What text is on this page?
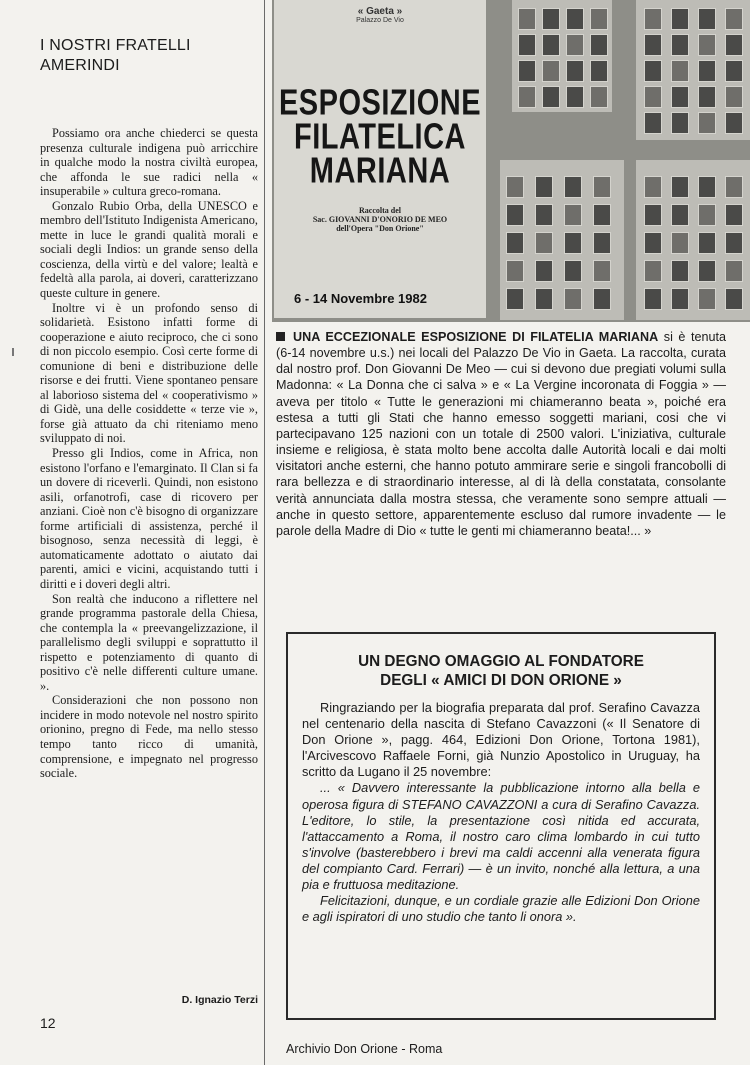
I NOSTRI FRATELLI
AMERINDI

Possiamo ora anche chiederci se questa presenza culturale indigena può arricchire in qualche modo la nostra civiltà europea, che affonda le sue radici nella « insuperabile » cultura greco-romana.

Gonzalo Rubio Orba, della UNESCO e membro dell'Istituto Indigenista Americano, mette in luce le grandi qualità morali e sociali degli Indios: un grande senso della coscienza, della virtù e del valore; lealtà e fedeltà alla parola, ai doveri, caratterizzano queste culture in genere.

Inoltre vi è un profondo senso di solidarietà. Esistono infatti forme di cooperazione e aiuto reciproco, che ci sono di non piccolo esempio. Così certe forme di comunione di beni e distribuzione delle risorse e dei frutti. Viene spontaneo pensare al laborioso sistema del « cooperativismo » di Gidè, una delle cosiddette « terze vie », forse già attuato da chi riteniamo meno sviluppato di noi.

Presso gli Indios, come in Africa, non esistono l'orfano e l'emarginato. Il Clan si fa un dovere di riceverli. Quindi, non esistono asili, orfanotrofi, case di ricovero per anziani. Cioè non c'è bisogno di organizzare forme artificiali di assistenza, perché il bisognoso, senza necessità di leggi, è automaticamente adottato o aiutato dai parenti, amici e vicini, acquistando tutti i diritti e i doveri degli altri.

Son realtà che inducono a riflettere nel grande programma pastorale della Chiesa, che contempla la « preevangelizzazione, il parallelismo degli sviluppi e soprattutto il rispetto e potenziamento di quanto di positivo c'è nelle differenti culture umane. ».

Considerazioni che non possono non incidere in modo notevole nel nostro spirito orionino, pregno di Fede, ma nello stesso tempo tanto ricco di umanità, comprensione, e impegnato nel progresso sociale.

D. Ignazio Terzi
12
« Gaeta »
Palazzo De Vio
ESPOSIZIONE
FILATELICA
MARIANA
Raccolta del
Sac. GIOVANNI D'ONORIO DE MEO
dell'Opera "Don Orione"
6 - 14 Novembre 1982
UNA ECCEZIONALE ESPOSIZIONE DI FILATELIA MARIANA si è tenuta (6-14 novembre u.s.) nei locali del Palazzo De Vio in Gaeta. La raccolta, curata dal nostro prof. Don Giovanni De Meo — cui si devono due pregiati volumi sulla Madonna: « La Donna che ci salva » e « La Vergine incoronata di Foggia » — aveva per titolo « Tutte le generazioni mi chiameranno beata », poiché era estesa a tutti gli Stati che hanno emesso soggetti mariani, cosi che vi partecipavano 125 nazioni con un totale di 2500 valori. L'iniziativa, culturale insieme e religiosa, è stata molto bene accolta dalle Autorità locali e dai molti visitatori anche esterni, che hanno potuto ammirare serie e singoli francobolli di rara bellezza e di straordinario interesse, al di là della constatata, consolante verità annunciata dalla mostra stessa, che veramente sono sempre attuali — anche in questo settore, apparentemente escluso dal rumore invadente — le parole della Madre di Dio « tutte le genti mi chiameranno beata!... »
UN DEGNO OMAGGIO AL FONDATORE
DEGLI « AMICI DI DON ORIONE »

Ringraziando per la biografia preparata dal prof. Serafino Cavazza nel centenario della nascita di Stefano Cavazzoni (« Il Senatore di Don Orione », pagg. 464, Edizioni Don Orione, Tortona 1981), l'Arcivescovo Raffaele Forni, già Nunzio Apostolico in Uruguay, ha scritto da Lugano il 25 novembre:

... « Davvero interessante la pubblicazione intorno alla bella e operosa figura di STEFANO CAVAZZONI a cura di Serafino Cavazza. L'editore, lo stile, la presentazione così nitida ed accurata, l'attaccamento a Roma, il nostro caro clima lombardo in cui tutto s'involve (basterebbero i brevi ma caldi accenni alla venerata figura del compianto Card. Ferrari) — è un invito, nonché alla lettura, a una pia e fruttuosa meditazione.

Felicitazioni, dunque, e un cordiale grazie alle Edizioni Don Orione e agli ispiratori di uno studio che tanto li onora ».

Archivio Don Orione - Roma
